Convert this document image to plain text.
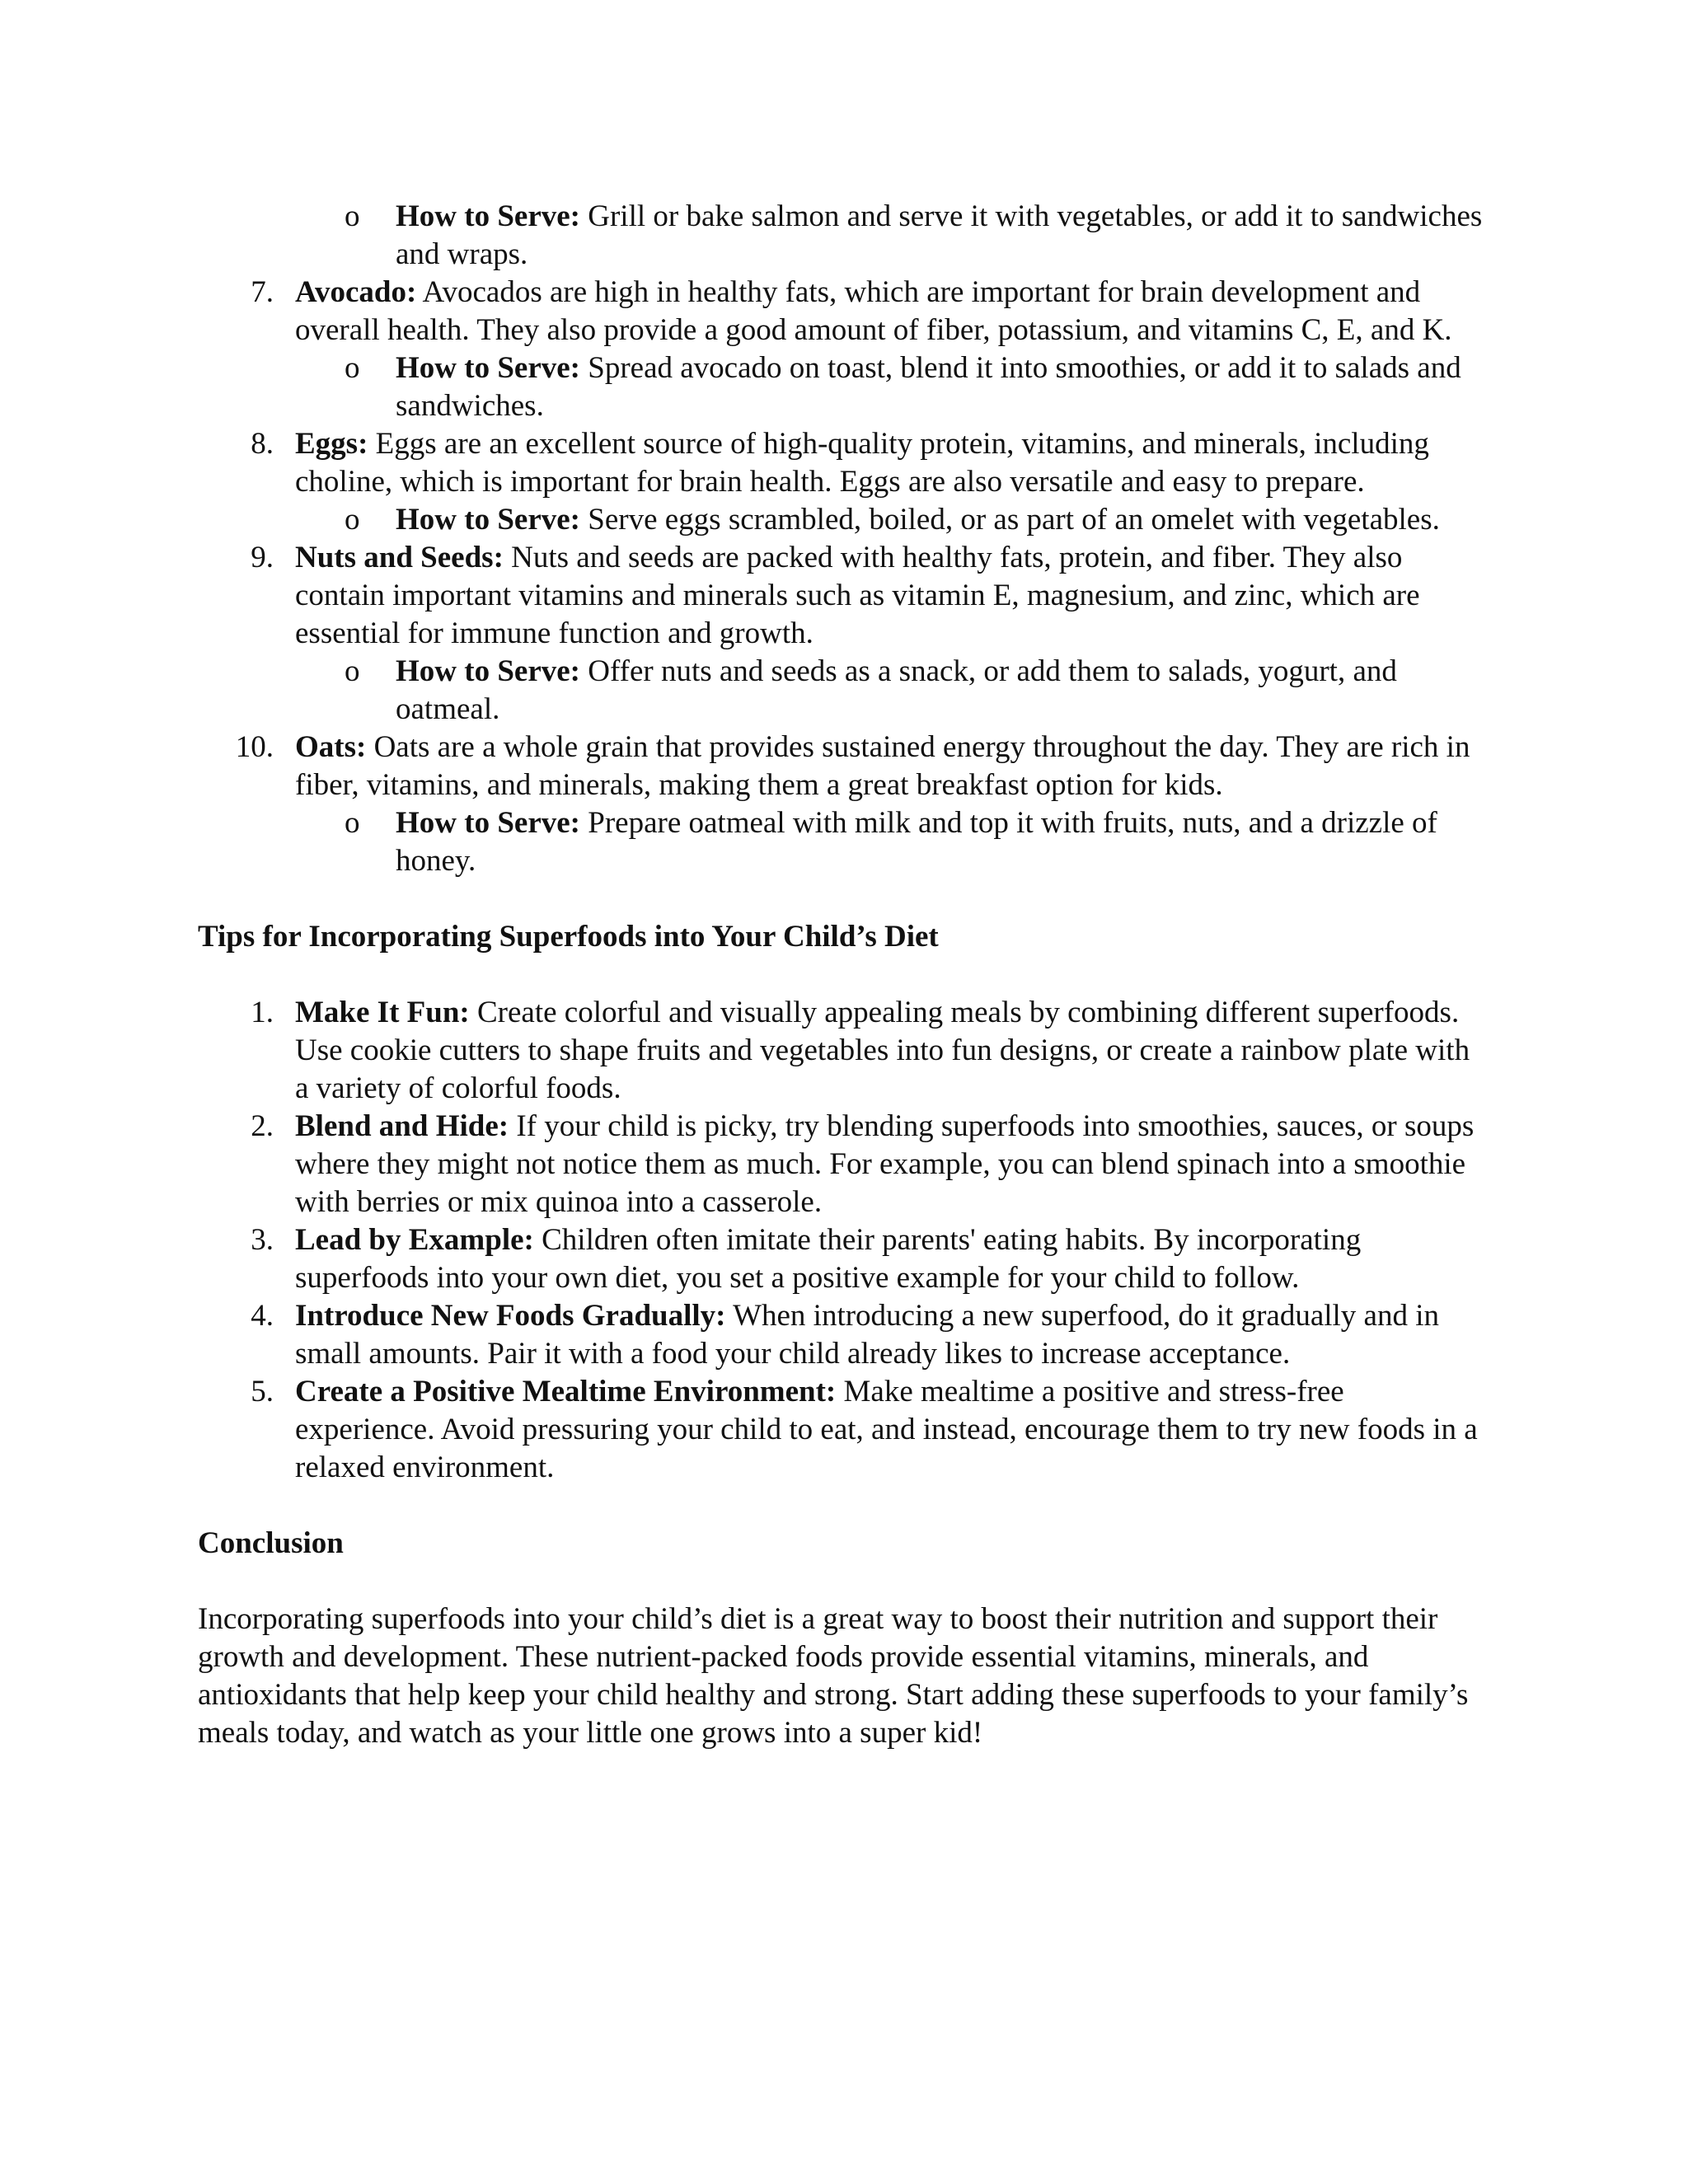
o	How to Serve: Grill or bake salmon and serve it with vegetables, or add it to sandwiches and wraps.
7. Avocado: Avocados are high in healthy fats, which are important for brain development and overall health. They also provide a good amount of fiber, potassium, and vitamins C, E, and K.
o	How to Serve: Spread avocado on toast, blend it into smoothies, or add it to salads and sandwiches.
8. Eggs: Eggs are an excellent source of high-quality protein, vitamins, and minerals, including choline, which is important for brain health. Eggs are also versatile and easy to prepare.
o	How to Serve: Serve eggs scrambled, boiled, or as part of an omelet with vegetables.
9. Nuts and Seeds: Nuts and seeds are packed with healthy fats, protein, and fiber. They also contain important vitamins and minerals such as vitamin E, magnesium, and zinc, which are essential for immune function and growth.
o	How to Serve: Offer nuts and seeds as a snack, or add them to salads, yogurt, and oatmeal.
10. Oats: Oats are a whole grain that provides sustained energy throughout the day. They are rich in fiber, vitamins, and minerals, making them a great breakfast option for kids.
o	How to Serve: Prepare oatmeal with milk and top it with fruits, nuts, and a drizzle of honey.
Tips for Incorporating Superfoods into Your Child’s Diet
1. Make It Fun: Create colorful and visually appealing meals by combining different superfoods. Use cookie cutters to shape fruits and vegetables into fun designs, or create a rainbow plate with a variety of colorful foods.
2. Blend and Hide: If your child is picky, try blending superfoods into smoothies, sauces, or soups where they might not notice them as much. For example, you can blend spinach into a smoothie with berries or mix quinoa into a casserole.
3. Lead by Example: Children often imitate their parents' eating habits. By incorporating superfoods into your own diet, you set a positive example for your child to follow.
4. Introduce New Foods Gradually: When introducing a new superfood, do it gradually and in small amounts. Pair it with a food your child already likes to increase acceptance.
5. Create a Positive Mealtime Environment: Make mealtime a positive and stress-free experience. Avoid pressuring your child to eat, and instead, encourage them to try new foods in a relaxed environment.
Conclusion
Incorporating superfoods into your child’s diet is a great way to boost their nutrition and support their growth and development. These nutrient-packed foods provide essential vitamins, minerals, and antioxidants that help keep your child healthy and strong. Start adding these superfoods to your family’s meals today, and watch as your little one grows into a super kid!
